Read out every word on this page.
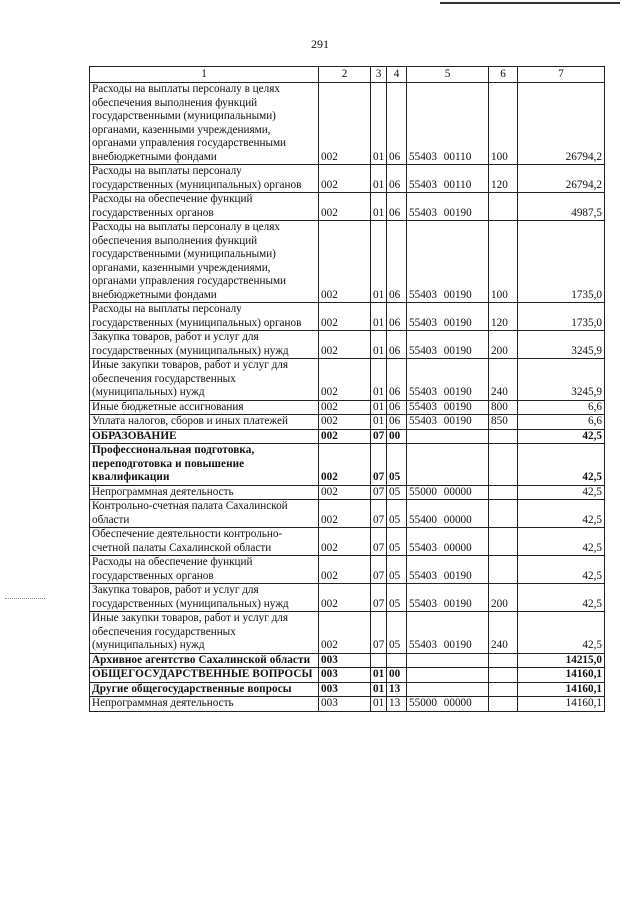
291
1	2	3	4	5	6	7
Расходы на выплаты персоналу в целях обеспечения выполнения функций государственными (муниципальными) органами, казенными учреждениями, органами управления государственными внебюджетными фондами	002	01	06	55403 00110	100	26794,2
Расходы на выплаты персоналу государственных (муниципальных) органов	002	01	06	55403 00110	120	26794,2
Расходы на обеспечение функций государственных органов	002	01	06	55403 00190		4987,5
Расходы на выплаты персоналу в целях обеспечения выполнения функций государственными (муниципальными) органами, казенными учреждениями, органами управления государственными внебюджетными фондами	002	01	06	55403 00190	100	1735,0
Расходы на выплаты персоналу государственных (муниципальных) органов	002	01	06	55403 00190	120	1735,0
Закупка товаров, работ и услуг для государственных (муниципальных) нужд	002	01	06	55403 00190	200	3245,9
Иные закупки товаров, работ и услуг для обеспечения государственных (муниципальных) нужд	002	01	06	55403 00190	240	3245,9
Иные бюджетные ассигнования	002	01	06	55403 00190	800	6,6
Уплата налогов, сборов и иных платежей	002	01	06	55403 00190	850	6,6
ОБРАЗОВАНИЕ	002	07	00			42,5
Профессиональная подготовка, переподготовка и повышение квалификации	002	07	05			42,5
Непрограммная деятельность	002	07	05	55000 00000		42,5
Контрольно-счетная палата Сахалинской области	002	07	05	55400 00000		42,5
Обеспечение деятельности контрольно-счетной палаты Сахалинской области	002	07	05	55403 00000		42,5
Расходы на обеспечение функций государственных органов	002	07	05	55403 00190		42,5
Закупка товаров, работ и услуг для государственных (муниципальных) нужд	002	07	05	55403 00190	200	42,5
Иные закупки товаров, работ и услуг для обеспечения государственных (муниципальных) нужд	002	07	05	55403 00190	240	42,5
Архивное агентство Сахалинской области	003					14215,0
ОБЩЕГОСУДАРСТВЕННЫЕ ВОПРОСЫ	003	01	00			14160,1
Другие общегосударственные вопросы	003	01	13			14160,1
Непрограммная деятельность	003	01	13	55000 00000		14160,1
